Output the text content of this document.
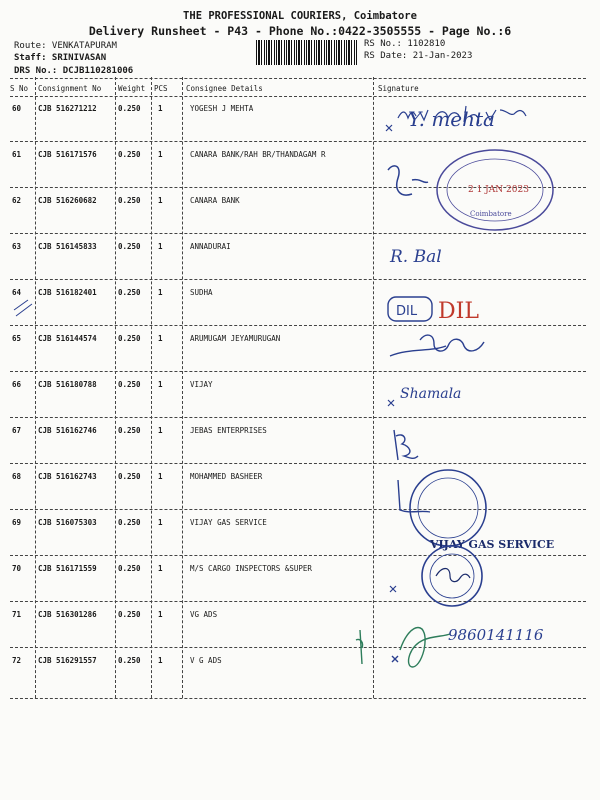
THE PROFESSIONAL COURIERS, Coimbatore
Delivery Runsheet - P43 - Phone No.:0422-3505555 - Page No.:6
Route: VENKATAPURAM
Staff: SRINIVASAN
DRS No.: DCJB110281006
RS No.: 1102810
RS Date: 21-Jan-2023
S No Consignment No Weight PCS Consignee Details	Signature
60 CJB 516271212	0.250 1	YOGESH J MEHTA
61 CJB 516171576	0.250 1	CANARA BANK/RAH BR/THANDAGAM R
62 CJB 516260682	0.250 1	CANARA BANK
63 CJB 516145833	0.250 1	ANNADURAI
64 CJB 516182401	0.250 1	SUDHA
65 CJB 516144574	0.250 1	ARUMUGAM JEYAMURUGAN
66 CJB 516180788	0.250 1	VIJAY
67 CJB 516162746	0.250 1	JEBAS ENTERPRISES
68 CJB 516162743	0.250 1	MOHAMMED BASHEER
69 CJB 516075303	0.250 1	VIJAY GAS SERVICE
70 CJB 516171559	0.250 1	M/S CARGO INSPECTORS &SUPER
71 CJB 516301286	0.250 1	VG ADS
72 CJB 516291557	0.250 1	V G ADS
Y. mehta
2 1 JAN 2023
Coimbatore
R. Bal
DIL DIL
Shamala
VIJAY GAS SERVICE
9860141116
